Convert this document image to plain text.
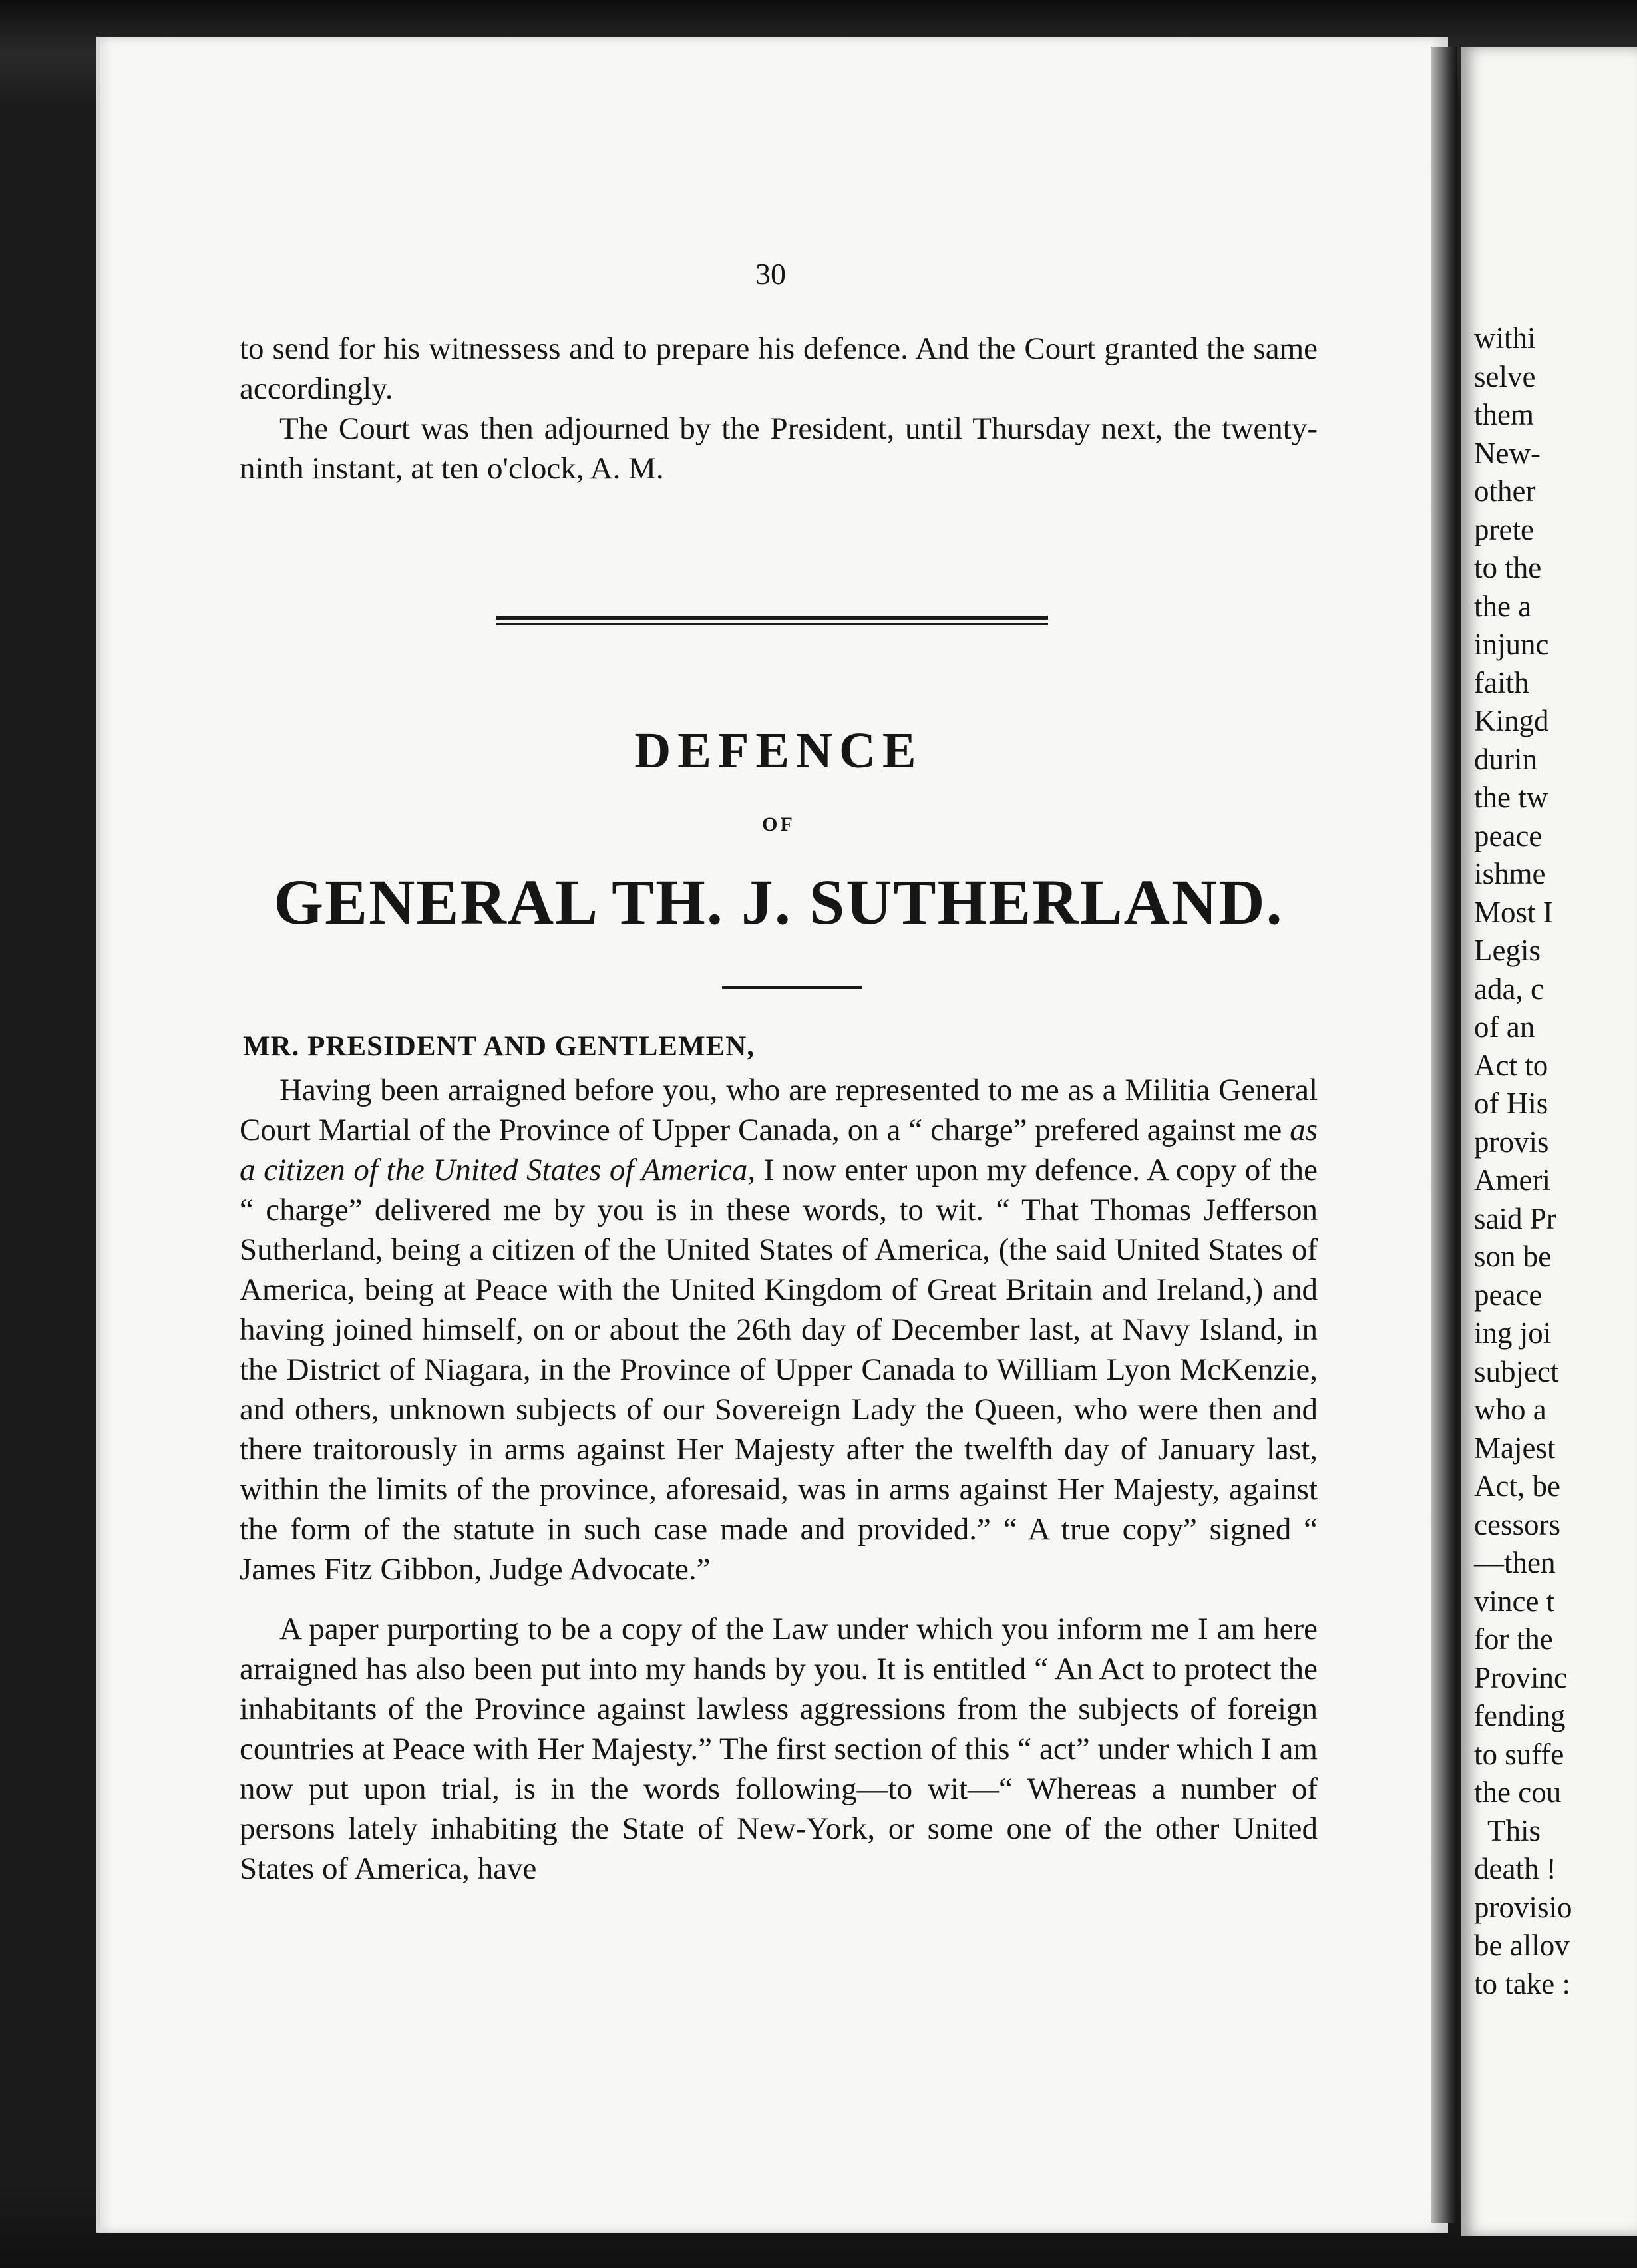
30

to send for his witnessess and to prepare his defence. And the Court granted the same accordingly.

The Court was then adjourned by the President, until Thursday next, the twenty-ninth instant, at ten o'clock, A. M.

DEFENCE
OF
GENERAL TH. J. SUTHERLAND.
MR. PRESIDENT AND GENTLEMEN,

Having been arraigned before you, who are represented to me as a Militia General Court Martial of the Province of Upper Canada, on a “ charge” prefered against me as a citizen of the United States of America, I now enter upon my defence. A copy of the “ charge” delivered me by you is in these words, to wit. “ That Thomas Jefferson Sutherland, being a citizen of the United States of America, (the said United States of America, being at Peace with the United Kingdom of Great Britain and Ireland,) and having joined himself, on or about the 26th day of December last, at Navy Island, in the District of Niagara, in the Province of Upper Canada to William Lyon McKenzie, and others, unknown subjects of our Sovereign Lady the Queen, who were then and there traitorously in arms against Her Majesty after the twelfth day of January last, within the limits of the province, aforesaid, was in arms against Her Majesty, against the form of the statute in such case made and provided.” “ A true copy” signed “ James Fitz Gibbon, Judge Advocate.”

A paper purporting to be a copy of the Law under which you inform me I am here arraigned has also been put into my hands by you. It is entitled “ An Act to protect the inhabitants of the Province against lawless aggressions from the subjects of foreign countries at Peace with Her Majesty.” The first section of this “ act” under which I am now put upon trial, is in the words following—to wit—“ Whereas a number of persons lately inhabiting the State of New-York, or some one of the other United States of America, have

withi
selve
them
New-
other
prete
to the
the a
injunc
faith
Kingd
durin
the tw
peace
ishme
Most I
Legis
ada, c
of an
Act to
of His
provis
Ameri
said Pr
son be
peace
ing joi
subject
who a
Majest
Act, be
cessors
—then
vince t
for the
Provinc
fending
to suffe
the cou
This
death !
provisio
be allov
to take :
